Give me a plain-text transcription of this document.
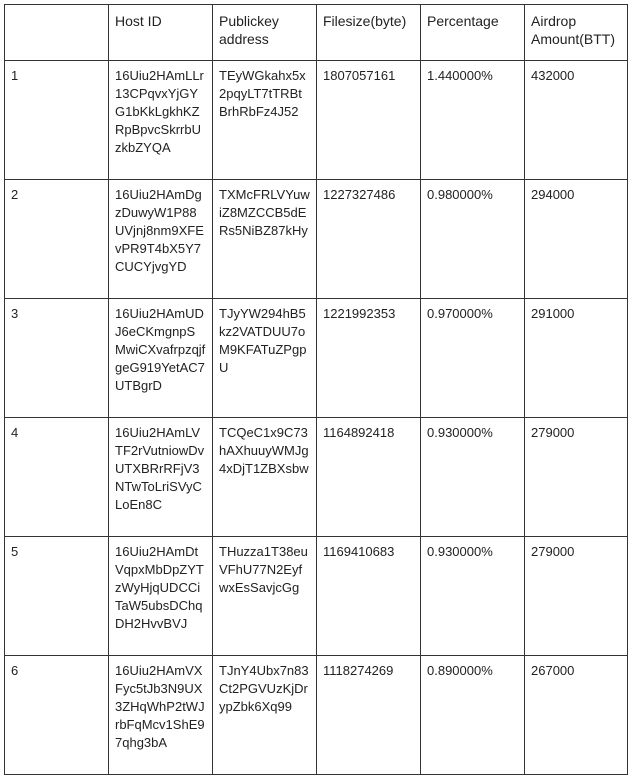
	Host ID	Publickey address	Filesize(byte)	Percentage	Airdrop Amount(BTT)
1	16Uiu2HAmLLr13CPqvxYjGYG1bKkLgkhKZRpBpvcSkrrbUzkbZYQA	TEyWGkahx5x2pqyLT7tTRBtBrhRbFz4J52	1807057161	1.440000%	432000
2	16Uiu2HAmDgzDuwyW1P88UVjnj8nm9XFEvPR9T4bX5Y7CUCYjvgYD	TXMcFRLVYuwiZ8MZCCB5dERs5NiBZ87kHy	1227327486	0.980000%	294000
3	16Uiu2HAmUDJ6eCKmgnpSMwiCXvafrpzqjfgeG919YetAC7UTBgrD	TJyYW294hB5kz2VATDUU7oM9KFATuZPgpU	1221992353	0.970000%	291000
4	16Uiu2HAmLVTF2rVutniowDvUTXBRrRFjV3NTwToLriSVyCLoEn8C	TCQeC1x9C73hAXhuuyWMJg4xDjT1ZBXsbw	1164892418	0.930000%	279000
5	16Uiu2HAmDtVqpxMbDpZYTzWyHjqUDCCiTaW5ubsDChqDH2HvvBVJ	THuzza1T38euVFhU77N2EyfwxEsSavjcGg	1169410683	0.930000%	279000
6	16Uiu2HAmVXFyc5tJb3N9UX3ZHqWhP2tWJrbFqMcv1ShE97qhg3bA	TJnY4Ubx7n83Ct2PGVUzKjDrypZbk6Xq99	1118274269	0.890000%	267000
